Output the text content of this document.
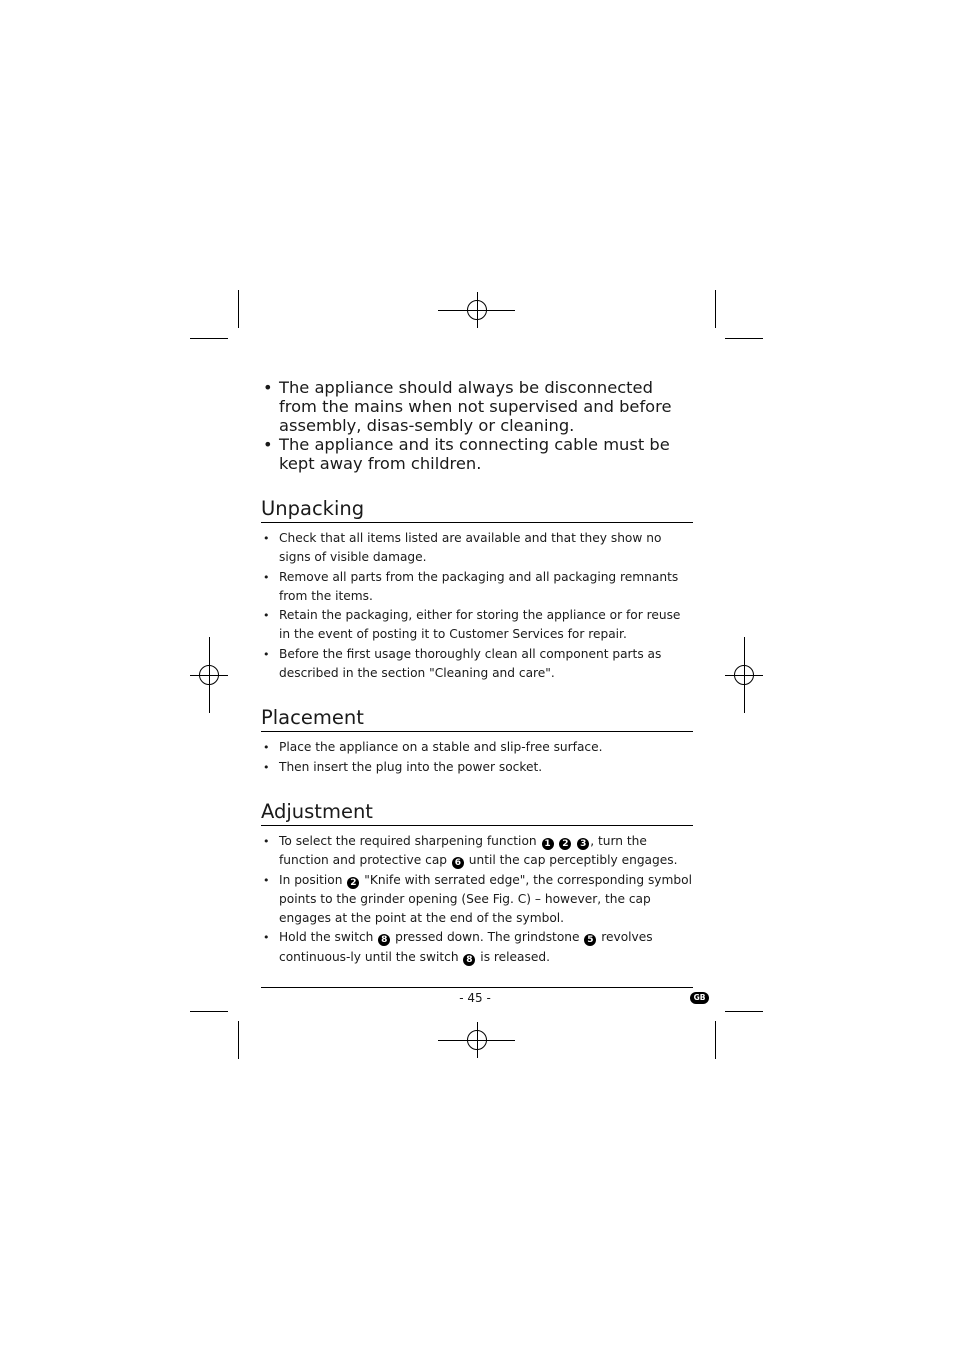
• The appliance should always be disconnected from the mains when not supervised and before assembly, disas-sembly or cleaning.
• The appliance and its connecting cable must be kept away from children.
Unpacking
• Check that all items listed are available and that they show no signs of visible damage.
• Remove all parts from the packaging and all packaging remnants from the items.
• Retain the packaging, either for storing the appliance or for reuse in the event of posting it to Customer Services for repair.
• Before the first usage thoroughly clean all component parts as described in the section "Cleaning and care".
Placement
• Place the appliance on a stable and slip-free surface.
• Then insert the plug into the power socket.
Adjustment
• To select the required sharpening function 1 2 3 , turn the function and protective cap 6 until the cap perceptibly engages.
• In position 2 "Knife with serrated edge", the corresponding symbol points to the grinder opening (See Fig. C) – however, the cap engages at the point at the end of the symbol.
• Hold the switch 8 pressed down. The grindstone 5 revolves continuous-ly until the switch 8 is released.
- 45 -	GB
